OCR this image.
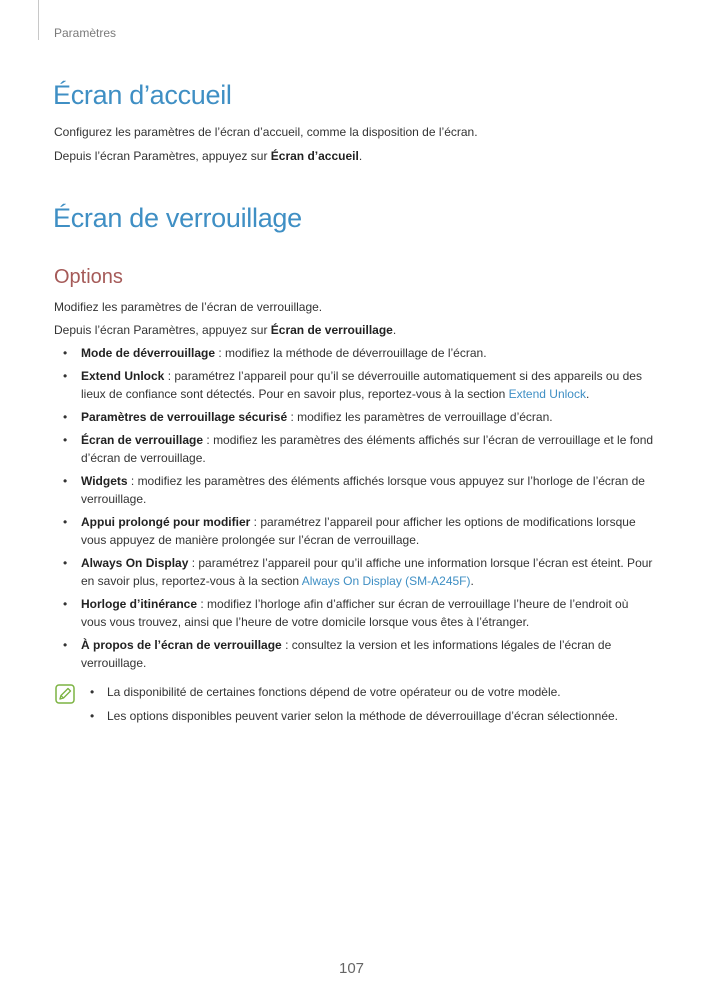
Paramètres
Écran d’accueil

Configurez les paramètres de l’écran d’accueil, comme la disposition de l’écran.

Depuis l’écran Paramètres, appuyez sur Écran d’accueil.

Écran de verrouillage
Options

Modifiez les paramètres de l’écran de verrouillage.

Depuis l’écran Paramètres, appuyez sur Écran de verrouillage.

• Mode de déverrouillage : modifiez la méthode de déverrouillage de l’écran.
• Extend Unlock : paramétrez l’appareil pour qu’il se déverrouille automatiquement si des appareils ou des lieux de confiance sont détectés. Pour en savoir plus, reportez-vous à la section Extend Unlock.
• Paramètres de verrouillage sécurisé : modifiez les paramètres de verrouillage d’écran.
• Écran de verrouillage : modifiez les paramètres des éléments affichés sur l’écran de verrouillage et le fond d’écran de verrouillage.
• Widgets : modifiez les paramètres des éléments affichés lorsque vous appuyez sur l’horloge de l’écran de verrouillage.
• Appui prolongé pour modifier : paramétrez l’appareil pour afficher les options de modifications lorsque vous appuyez de manière prolongée sur l’écran de verrouillage.
• Always On Display : paramétrez l’appareil pour qu’il affiche une information lorsque l’écran est éteint. Pour en savoir plus, reportez-vous à la section Always On Display (SM-A245F).
• Horloge d’itinérance : modifiez l’horloge afin d’afficher sur écran de verrouillage l’heure de l’endroit où vous vous trouvez, ainsi que l’heure de votre domicile lorsque vous êtes à l’étranger.
• À propos de l’écran de verrouillage : consultez la version et les informations légales de l’écran de verrouillage.
• La disponibilité de certaines fonctions dépend de votre opérateur ou de votre modèle.
• Les options disponibles peuvent varier selon la méthode de déverrouillage d’écran sélectionnée.
107
